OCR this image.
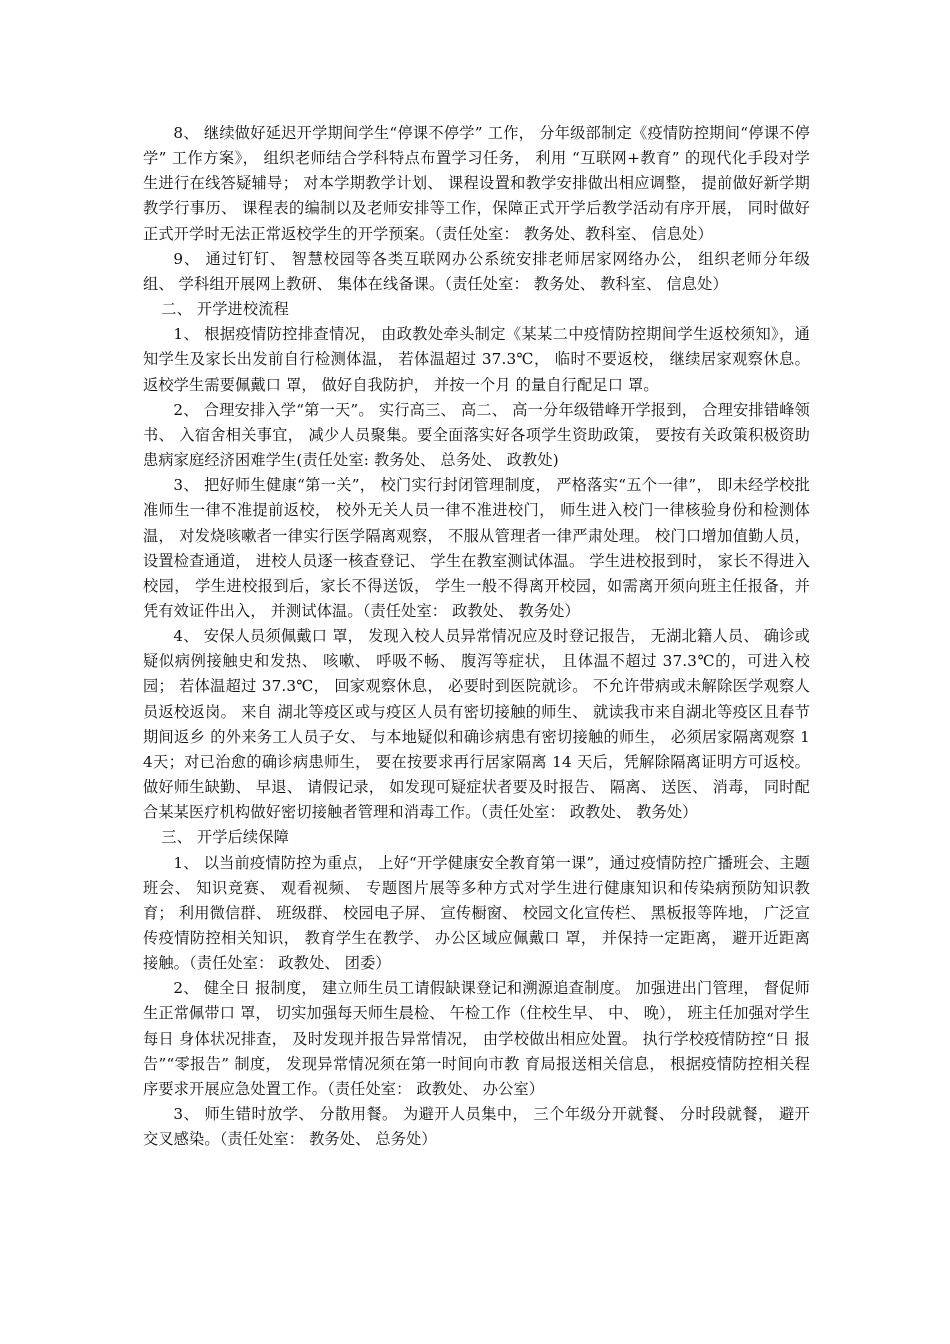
8、 继续做好延迟开学期间学生“停课不停学” 工作， 分年级部制定《疫情防控期间“停课不停学” 工作方案》， 组织老师结合学科特点布置学习任务， 利用 “互联网+教育” 的现代化手段对学生进行在线答疑辅导； 对本学期教学计划、 课程设置和教学安排做出相应调整， 提前做好新学期教学行事历、 课程表的编制以及老师安排等工作，保障正式开学后教学活动有序开展， 同时做好正式开学时无法正常返校学生的开学预案。（责任处室： 教务处、教科室、 信息处）

9、 通过钉钉、 智慧校园等各类互联网办公系统安排老师居家网络办公， 组织老师分年级组、 学科组开展网上教研、 集体在线备课。（责任处室： 教务处、 教科室、 信息处）

二、 开学进校流程

1、 根据疫情防控排查情况， 由政教处牵头制定《某某二中疫情防控期间学生返校须知》，通知学生及家长出发前自行检测体温， 若体温超过 37.3℃， 临时不要返校， 继续居家观察休息。 返校学生需要佩戴口 罩， 做好自我防护， 并按一个月 的量自行配足口 罩。

2、 合理安排入学“第一天”。 实行高三、 高二、 高一分年级错峰开学报到， 合理安排错峰领书、 入宿舍相关事宜， 减少人员聚集。要全面落实好各项学生资助政策， 要按有关政策积极资助患病家庭经济困难学生(责任处室: 教务处、 总务处、 政教处)

3、 把好师生健康“第一关”， 校门实行封闭管理制度， 严格落实“五个一律”， 即未经学校批准师生一律不准提前返校， 校外无关人员一律不准进校门， 师生进入校门一律核验身份和检测体温， 对发烧咳嗽者一律实行医学隔离观察， 不服从管理者一律严肃处理。 校门口增加值勤人员， 设置检查通道， 进校人员逐一核查登记、 学生在教室测试体温。 学生进校报到时， 家长不得进入校园， 学生进校报到后，家长不得送饭， 学生一般不得离开校园，如需离开须向班主任报备，并凭有效证件出入， 并测试体温。（责任处室： 政教处、 教务处）

4、 安保人员须佩戴口 罩， 发现入校人员异常情况应及时登记报告， 无湖北籍人员、 确诊或疑似病例接触史和发热、 咳嗽、 呼吸不畅、 腹泻等症状， 且体温不超过 37.3℃的，可进入校园； 若体温超过 37.3℃， 回家观察休息， 必要时到医院就诊。 不允许带病或未解除医学观察人员返校返岗。 来自 湖北等疫区或与疫区人员有密切接触的师生、 就读我市来自湖北等疫区且春节期间返乡 的外来务工人员子女、 与本地疑似和确诊病患有密切接触的师生， 必须居家隔离观察 14天；对已治愈的确诊病患师生， 要在按要求再行居家隔离 14 天后，凭解除隔离证明方可返校。 做好师生缺勤、 早退、 请假记录， 如发现可疑症状者要及时报告、 隔离、 送医、 消毒， 同时配合某某医疗机构做好密切接触者管理和消毒工作。（责任处室： 政教处、 教务处）

三、 开学后续保障

1、 以当前疫情防控为重点， 上好“开学健康安全教育第一课”，通过疫情防控广播班会、主题班会、 知识竞赛、 观看视频、 专题图片展等多种方式对学生进行健康知识和传染病预防知识教育； 利用微信群、 班级群、 校园电子屏、 宣传橱窗、 校园文化宣传栏、 黑板报等阵地， 广泛宣传疫情防控相关知识， 教育学生在教学、 办公区域应佩戴口 罩， 并保持一定距离， 避开近距离接触。（责任处室： 政教处、 团委）

2、 健全日 报制度， 建立师生员工请假缺课登记和溯源追查制度。 加强进出门管理， 督促师生正常佩带口 罩， 切实加强每天师生晨检、 午检工作（住校生早、 中、 晚）， 班主任加强对学生每日 身体状况排查， 及时发现并报告异常情况， 由学校做出相应处置。 执行学校疫情防控“日 报告”“零报告” 制度， 发现异常情况须在第一时间向市教 育局报送相关信息， 根据疫情防控相关程序要求开展应急处置工作。（责任处室： 政教处、 办公室）

3、 师生错时放学、 分散用餐。 为避开人员集中， 三个年级分开就餐、 分时段就餐， 避开交叉感染。（责任处室： 教务处、 总务处）
